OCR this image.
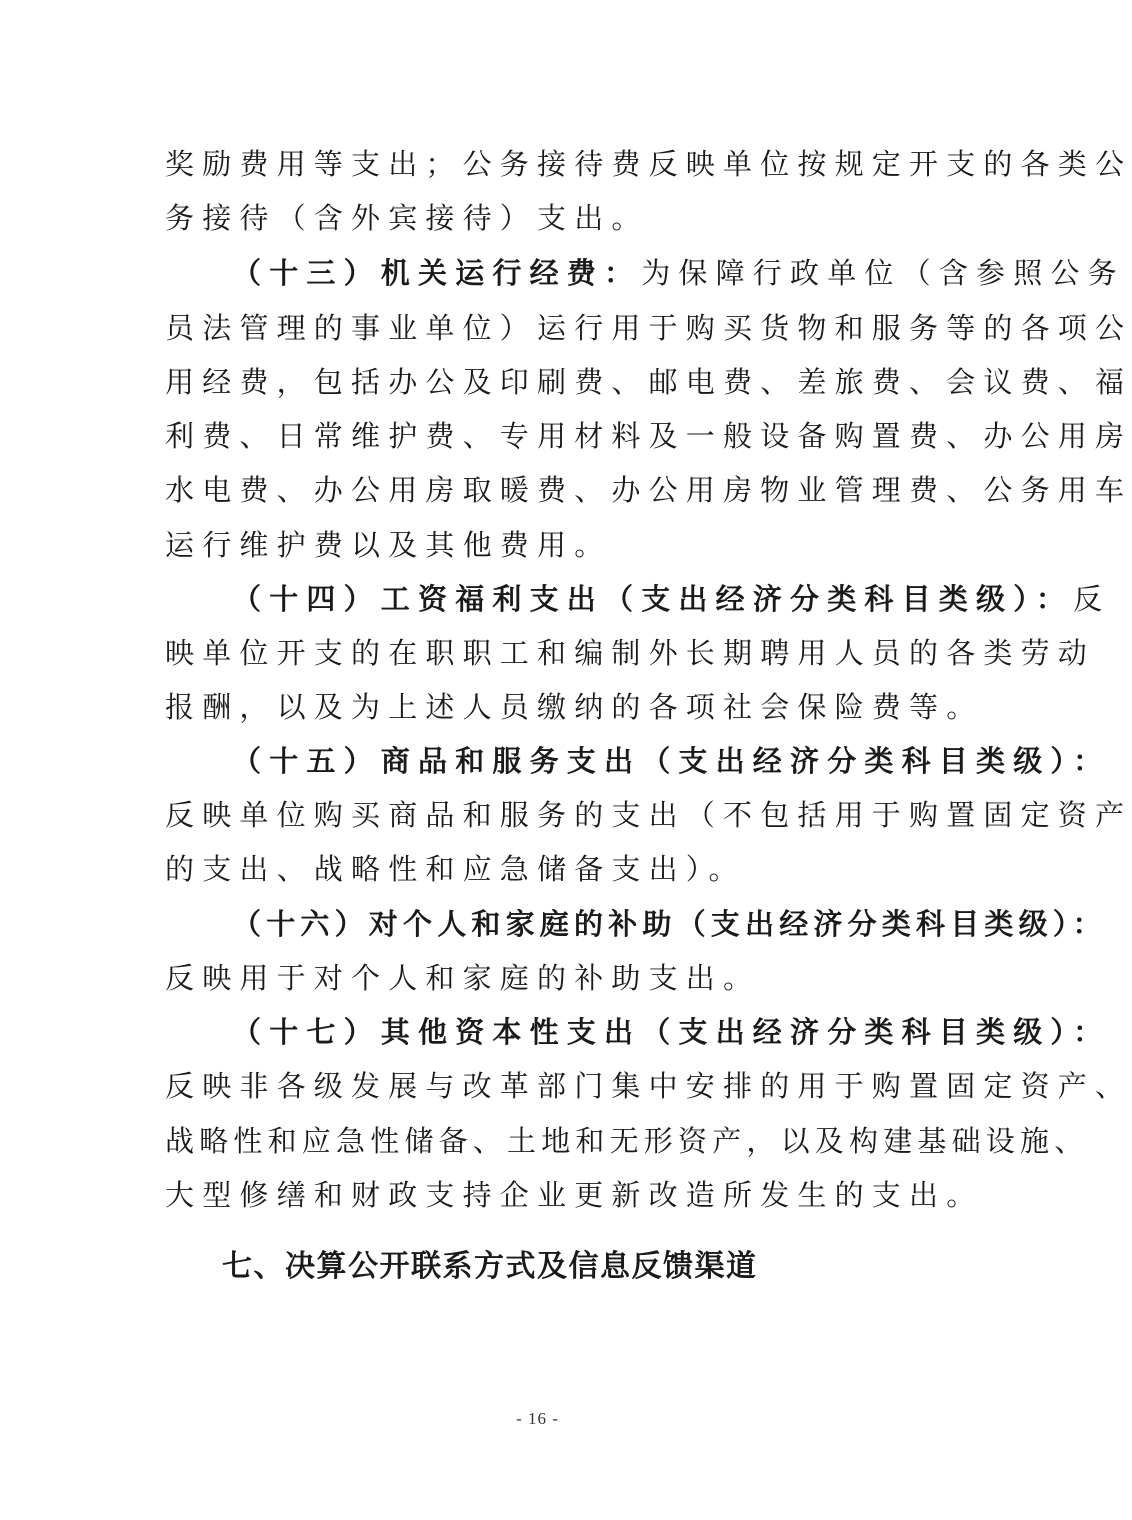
奖励费用等支出；公务接待费反映单位按规定开支的各类公
务接待（含外宾接待）支出。
（十三）机关运行经费：为保障行政单位（含参照公务
员法管理的事业单位）运行用于购买货物和服务等的各项公
用经费，包括办公及印刷费、邮电费、差旅费、会议费、福
利费、日常维护费、专用材料及一般设备购置费、办公用房
水电费、办公用房取暖费、办公用房物业管理费、公务用车
运行维护费以及其他费用。
（十四）工资福利支出（支出经济分类科目类级）：反
映单位开支的在职职工和编制外长期聘用人员的各类劳动
报酬，以及为上述人员缴纳的各项社会保险费等。
（十五）商品和服务支出（支出经济分类科目类级）：
反映单位购买商品和服务的支出（不包括用于购置固定资产
的支出、战略性和应急储备支出）。
（十六）对个人和家庭的补助（支出经济分类科目类级）：
反映用于对个人和家庭的补助支出。
（十七）其他资本性支出（支出经济分类科目类级）：
反映非各级发展与改革部门集中安排的用于购置固定资产、
战略性和应急性储备、土地和无形资产，以及构建基础设施、
大型修缮和财政支持企业更新改造所发生的支出。
七、决算公开联系方式及信息反馈渠道
- 16 -
